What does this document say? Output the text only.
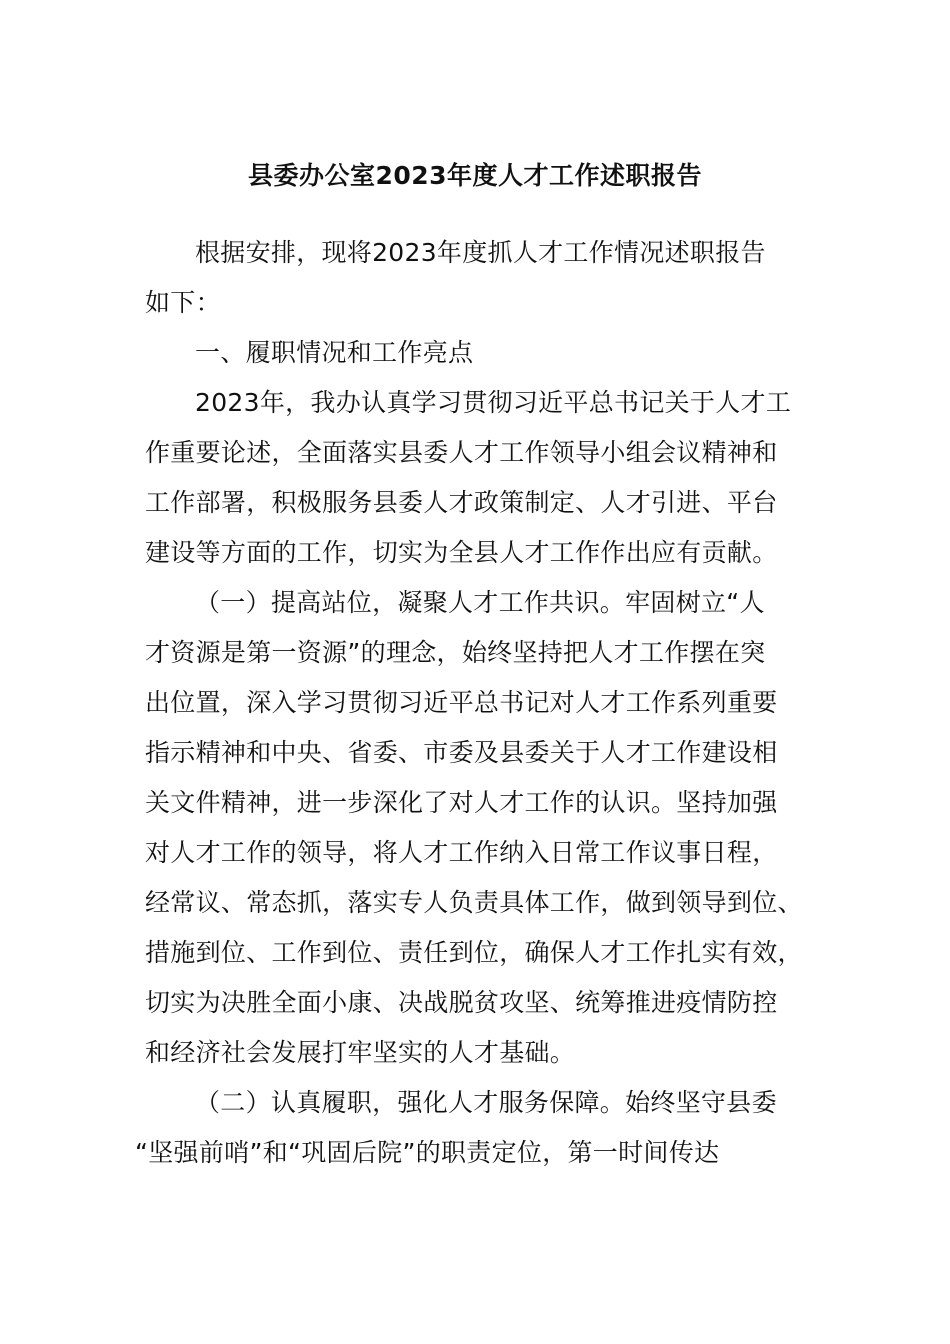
县委办公室2023年度人才工作述职报告
根据安排，现将2023年度抓人才工作情况述职报告
如下：
一、履职情况和工作亮点
2023年，我办认真学习贯彻习近平总书记关于人才工
作重要论述，全面落实县委人才工作领导小组会议精神和
工作部署，积极服务县委人才政策制定、人才引进、平台
建设等方面的工作，切实为全县人才工作作出应有贡献。
（一）提高站位，凝聚人才工作共识。牢固树立“人
才资源是第一资源”的理念，始终坚持把人才工作摆在突
出位置，深入学习贯彻习近平总书记对人才工作系列重要
指示精神和中央、省委、市委及县委关于人才工作建设相
关文件精神，进一步深化了对人才工作的认识。坚持加强
对人才工作的领导，将人才工作纳入日常工作议事日程，
经常议、常态抓，落实专人负责具体工作，做到领导到位、
措施到位、工作到位、责任到位，确保人才工作扎实有效，
切实为决胜全面小康、决战脱贫攻坚、统筹推进疫情防控
和经济社会发展打牢坚实的人才基础。
（二）认真履职，强化人才服务保障。始终坚守县委
“坚强前哨”和“巩固后院”的职责定位，第一时间传达
